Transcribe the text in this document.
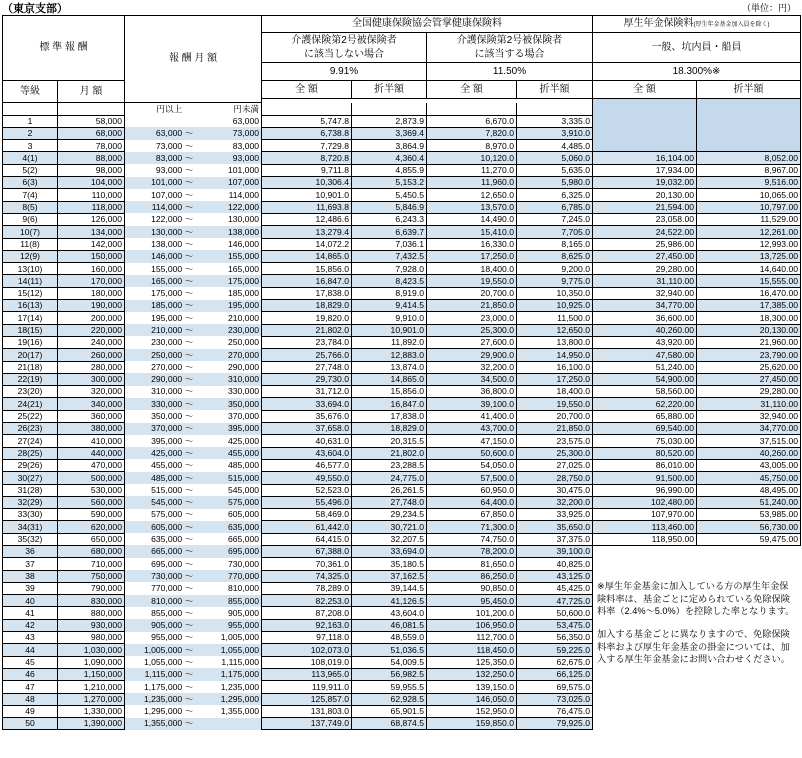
（東京支部）	（単位：円）
標 準 報 酬		報 酬 月 額	全国健康保険協会管掌健康保険料				厚生年金保険料(厚生年金基金加入員を除く)	
			介護保険第2号被保険者
に該当しない場合		介護保険第2号被保険者
に該当する場合		一般、坑内員・船員	
			9.91%		11.50%		18.300%※	
等級	月 額		全 額	折半額	全 額	折半額	全 額	折半額

		円以上 円未満						

1	58,000	63,000	5,747.8	2,873.9	6,670.0	3,335.0		
2	68,000	63,000 ～ 73,000	6,738.8	3,369.4	7,820.0	3,910.0		
3	78,000	73,000 ～ 83,000	7,729.8	3,864.9	8,970.0	4,485.0		
4(1)	88,000	83,000 ～ 93,000	8,720.8	4,360.4	10,120.0	5,060.0	16,104.00	8,052.00
5(2)	98,000	93,000 ～ 101,000	9,711.8	4,855.9	11,270.0	5,635.0	17,934.00	8,967.00
6(3)	104,000	101,000 ～ 107,000	10,306.4	5,153.2	11,960.0	5,980.0	19,032.00	9,516.00
7(4)	110,000	107,000 ～ 114,000	10,901.0	5,450.5	12,650.0	6,325.0	20,130.00	10,065.00
8(5)	118,000	114,000 ～ 122,000	11,693.8	5,846.9	13,570.0	6,785.0	21,594.00	10,797.00
9(6)	126,000	122,000 ～ 130,000	12,486.6	6,243.3	14,490.0	7,245.0	23,058.00	11,529.00
10(7)	134,000	130,000 ～ 138,000	13,279.4	6,639.7	15,410.0	7,705.0	24,522.00	12,261.00
11(8)	142,000	138,000 ～ 146,000	14,072.2	7,036.1	16,330.0	8,165.0	25,986.00	12,993.00
12(9)	150,000	146,000 ～ 155,000	14,865.0	7,432.5	17,250.0	8,625.0	27,450.00	13,725.00
13(10)	160,000	155,000 ～ 165,000	15,856.0	7,928.0	18,400.0	9,200.0	29,280.00	14,640.00
14(11)	170,000	165,000 ～ 175,000	16,847.0	8,423.5	19,550.0	9,775.0	31,110.00	15,555.00
15(12)	180,000	175,000 ～ 185,000	17,838.0	8,919.0	20,700.0	10,350.0	32,940.00	16,470.00
16(13)	190,000	185,000 ～ 195,000	18,829.0	9,414.5	21,850.0	10,925.0	34,770.00	17,385.00
17(14)	200,000	195,000 ～ 210,000	19,820.0	9,910.0	23,000.0	11,500.0	36,600.00	18,300.00
18(15)	220,000	210,000 ～ 230,000	21,802.0	10,901.0	25,300.0	12,650.0	40,260.00	20,130.00
19(16)	240,000	230,000 ～ 250,000	23,784.0	11,892.0	27,600.0	13,800.0	43,920.00	21,960.00
20(17)	260,000	250,000 ～ 270,000	25,766.0	12,883.0	29,900.0	14,950.0	47,580.00	23,790.00
21(18)	280,000	270,000 ～ 290,000	27,748.0	13,874.0	32,200.0	16,100.0	51,240.00	25,620.00
22(19)	300,000	290,000 ～ 310,000	29,730.0	14,865.0	34,500.0	17,250.0	54,900.00	27,450.00
23(20)	320,000	310,000 ～ 330,000	31,712.0	15,856.0	36,800.0	18,400.0	58,560.00	29,280.00
24(21)	340,000	330,000 ～ 350,000	33,694.0	16,847.0	39,100.0	19,550.0	62,220.00	31,110.00
25(22)	360,000	350,000 ～ 370,000	35,676.0	17,838.0	41,400.0	20,700.0	65,880.00	32,940.00
26(23)	380,000	370,000 ～ 395,000	37,658.0	18,829.0	43,700.0	21,850.0	69,540.00	34,770.00
27(24)	410,000	395,000 ～ 425,000	40,631.0	20,315.5	47,150.0	23,575.0	75,030.00	37,515.00
28(25)	440,000	425,000 ～ 455,000	43,604.0	21,802.0	50,600.0	25,300.0	80,520.00	40,260.00
29(26)	470,000	455,000 ～ 485,000	46,577.0	23,288.5	54,050.0	27,025.0	86,010.00	43,005.00
30(27)	500,000	485,000 ～ 515,000	49,550.0	24,775.0	57,500.0	28,750.0	91,500.00	45,750.00
31(28)	530,000	515,000 ～ 545,000	52,523.0	26,261.5	60,950.0	30,475.0	96,990.00	48,495.00
32(29)	560,000	545,000 ～ 575,000	55,496.0	27,748.0	64,400.0	32,200.0	102,480.00	51,240.00
33(30)	590,000	575,000 ～ 605,000	58,469.0	29,234.5	67,850.0	33,925.0	107,970.00	53,985.00
34(31)	620,000	605,000 ～ 635,000	61,442.0	30,721.0	71,300.0	35,650.0	113,460.00	56,730.00
35(32)	650,000	635,000 ～ 665,000	64,415.0	32,207.5	74,750.0	37,375.0	118,950.00	59,475.00
36	680,000	665,000 ～ 695,000	67,388.0	33,694.0	78,200.0	39,100.0		
37	710,000	695,000 ～ 730,000	70,361.0	35,180.5	81,650.0	40,825.0		
38	750,000	730,000 ～ 770,000	74,325.0	37,162.5	86,250.0	43,125.0		
39	790,000	770,000 ～ 810,000	78,289.0	39,144.5	90,850.0	45,425.0		
40	830,000	810,000 ～ 855,000	82,253.0	41,126.5	95,450.0	47,725.0		
41	880,000	855,000 ～ 905,000	87,208.0	43,604.0	101,200.0	50,600.0		
42	930,000	905,000 ～ 955,000	92,163.0	46,081.5	106,950.0	53,475.0		
43	980,000	955,000 ～ 1,005,000	97,118.0	48,559.0	112,700.0	56,350.0		
44	1,030,000	1,005,000 ～ 1,055,000	102,073.0	51,036.5	118,450.0	59,225.0		
45	1,090,000	1,055,000 ～ 1,115,000	108,019.0	54,009.5	125,350.0	62,675.0		
46	1,150,000	1,115,000 ～ 1,175,000	113,965.0	56,982.5	132,250.0	66,125.0		
47	1,210,000	1,175,000 ～ 1,235,000	119,911.0	59,955.5	139,150.0	69,575.0		
48	1,270,000	1,235,000 ～ 1,295,000	125,857.0	62,928.5	146,050.0	73,025.0		
49	1,330,000	1,295,000 ～ 1,355,000	131,803.0	65,901.5	152,950.0	76,475.0		
50	1,390,000	1,355,000 ～	137,749.0	68,874.5	159,850.0	79,925.0		

※厚生年金基金に加入している方の厚生年金保険料率は、基金ごとに定められている免除保険料率（2.4%～5.0%）を控除した率となります。

加入する基金ごとに異なりますので、免除保険料率および厚生年金基金の掛金については、加入する厚生年金基金にお問い合わせください。
